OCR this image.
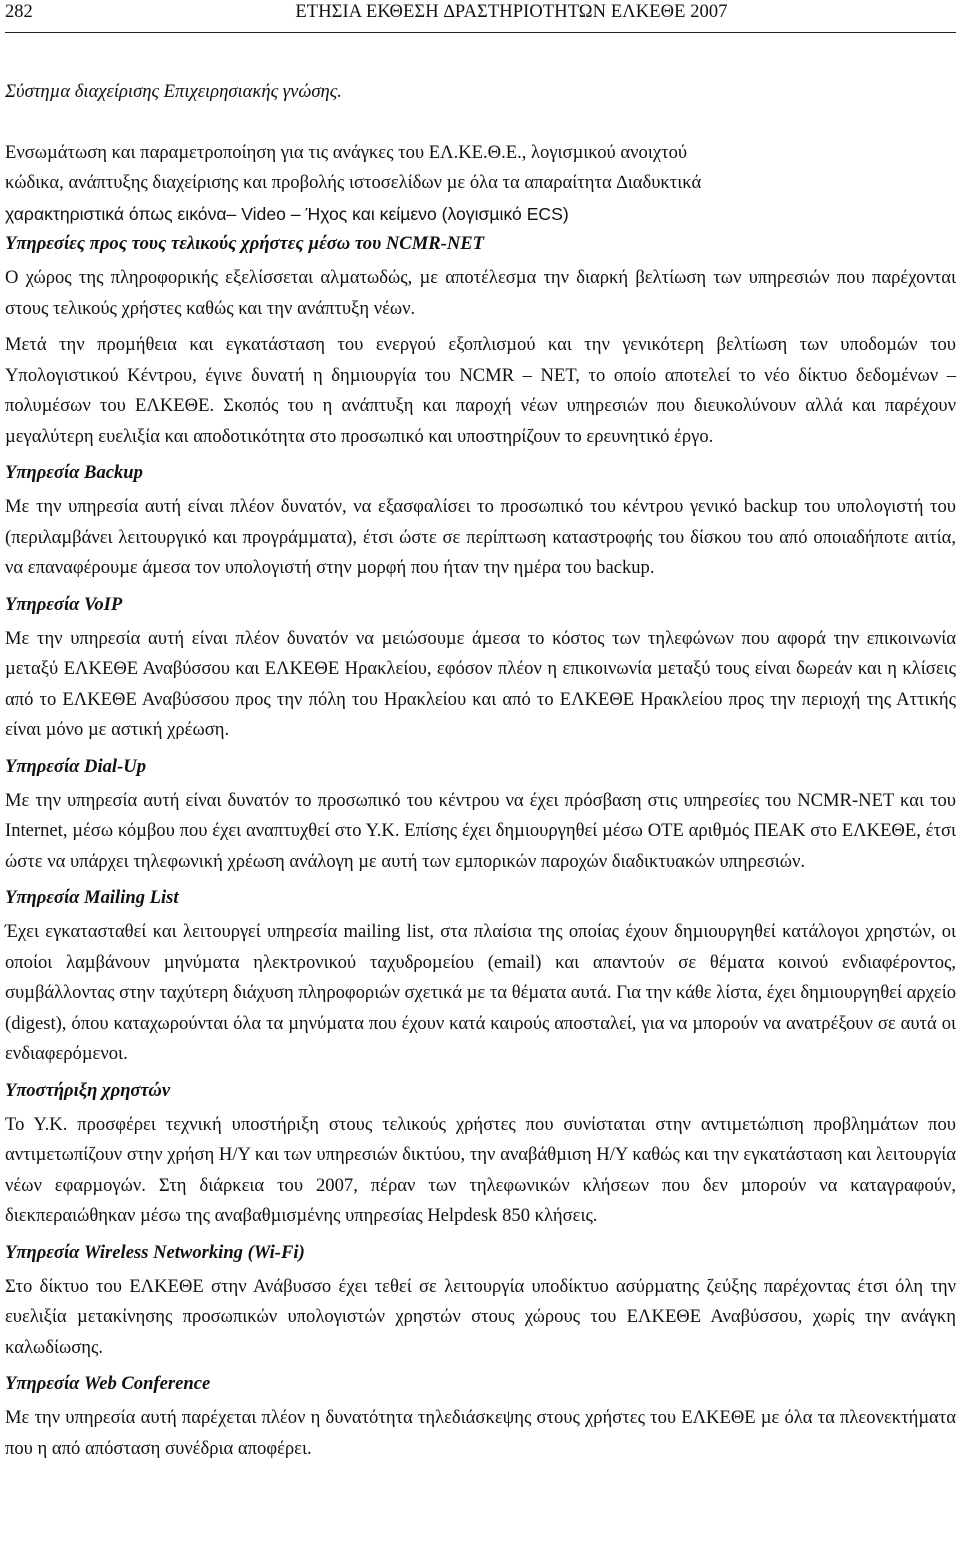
282	ΕΤΗΣΙΑ ΕΚΘΕΣΗ ∆ΡΑΣΤΗΡΙΟΤΗΤΩΝ ΕΛΚΕΘΕ 2007

Σύστηµα διαχείρισης Επιχειρησιακής γνώσης.

Ενσωµάτωση και παραµετροποίηση για τις ανάγκες του ΕΛ.ΚΕ.Θ.Ε., λογισµικού ανοιχτού

κώδικα, ανάπτυξης διαχείρισης και προβολής ιστοσελίδων µε όλα τα απαραίτητα ∆ιαδυκτικά

χαρακτηριστικά όπως εικόνα– Video – Ήχος και κείµενο (λογισµικό ECS)

Υπηρεσίες προς τους τελικούς χρήστες µέσω του NCMR-NET

Ο χώρος της πληροφορικής εξελίσσεται αλµατωδώς, µε αποτέλεσµα την διαρκή βελτίωση των υπηρεσιών που παρέχονται στους τελικούς χρήστες καθώς και την ανάπτυξη νέων.

Μετά την προµήθεια και εγκατάσταση του ενεργού εξοπλισµού και την γενικότερη βελτίωση των υποδοµών του Υπολογιστικού Κέντρου, έγινε δυνατή η δηµιουργία του NCMR – NET, το οποίο αποτελεί το νέο δίκτυο δεδοµένων – πολυµέσων του ΕΛΚΕΘΕ. Σκοπός του η ανάπτυξη και παροχή νέων υπηρεσιών που διευκολύνουν αλλά και παρέχουν µεγαλύτερη ευελιξία και αποδοτικότητα στο προσωπικό και υποστηρίζουν το ερευνητικό έργο.

Υπηρεσία Backup

Με την υπηρεσία αυτή είναι πλέον δυνατόν, να εξασφαλίσει το προσωπικό του κέντρου γενικό backup του υπολογιστή του (περιλαµβάνει λειτουργικό και προγράµµατα), έτσι ώστε σε περίπτωση καταστροφής του δίσκου του από οποιαδήποτε αιτία, να επαναφέρουµε άµεσα τον υπολογιστή στην µορφή που ήταν την ηµέρα του backup.

Υπηρεσία VoIP

Με την υπηρεσία αυτή είναι πλέον δυνατόν να µειώσουµε άµεσα το κόστος των τηλεφώνων που αφορά την επικοινωνία µεταξύ ΕΛΚΕΘΕ Αναβύσσου και ΕΛΚΕΘΕ Ηρακλείου, εφόσον πλέον η επικοινωνία µεταξύ τους είναι δωρεάν και η κλίσεις από το ΕΛΚΕΘΕ Αναβύσσου προς την πόλη του Ηρακλείου και από το ΕΛΚΕΘΕ Ηρακλείου προς την περιοχή της Αττικής είναι µόνο µε αστική χρέωση.

Υπηρεσία Dial-Up

Με την υπηρεσία αυτή είναι δυνατόν το προσωπικό του κέντρου να έχει πρόσβαση στις υπηρεσίες του NCMR-NET και του Internet, µέσω κόµβου που έχει αναπτυχθεί στο Υ.Κ. Επίσης έχει δηµιουργηθεί µέσω ΟΤΕ αριθµός ΠΕΑΚ στο ΕΛΚΕΘΕ, έτσι ώστε να υπάρχει τηλεφωνική χρέωση ανάλογη µε αυτή των εµπορικών παροχών διαδικτυακών υπηρεσιών.

Υπηρεσία Mailing List

Έχει εγκατασταθεί και λειτουργεί υπηρεσία mailing list, στα πλαίσια της οποίας έχουν δηµιουργηθεί κατάλογοι χρηστών, οι οποίοι λαµβάνουν µηνύµατα ηλεκτρονικού ταχυδροµείου (email) και απαντούν σε θέµατα κοινού ενδιαφέροντος, συµβάλλοντας στην ταχύτερη διάχυση πληροφοριών σχετικά µε τα θέµατα αυτά. Για την κάθε λίστα, έχει δηµιουργηθεί αρχείο (digest), όπου καταχωρούνται όλα τα µηνύµατα που έχουν κατά καιρούς αποσταλεί, για να µπορούν να ανατρέξουν σε αυτά οι ενδιαφερόµενοι.

Υποστήριξη χρηστών

Το Υ.Κ. προσφέρει τεχνική υποστήριξη στους τελικούς χρήστες που συνίσταται στην αντιµετώπιση προβληµάτων που αντιµετωπίζουν στην χρήση Η/Υ και των υπηρεσιών δικτύου, την αναβάθµιση Η/Υ καθώς και την εγκατάσταση και λειτουργία νέων εφαρµογών. Στη διάρκεια του 2007, πέραν των τηλεφωνικών κλήσεων που δεν µπορούν να καταγραφούν, διεκπεραιώθηκαν µέσω της αναβαθµισµένης υπηρεσίας Helpdesk 850 κλήσεις.

Υπηρεσία Wireless Networking (Wi-Fi)

Στο δίκτυο του ΕΛΚΕΘΕ στην Ανάβυσσο έχει τεθεί σε λειτουργία υποδίκτυο ασύρµατης ζεύξης παρέχοντας έτσι όλη την ευελιξία µετακίνησης προσωπικών υπολογιστών χρηστών στους χώρους του ΕΛΚΕΘΕ Αναβύσσου, χωρίς την ανάγκη καλωδίωσης.

Υπηρεσία Web Conference

Με την υπηρεσία αυτή παρέχεται πλέον η δυνατότητα τηλεδιάσκεψης στους χρήστες του ΕΛΚΕΘΕ µε όλα τα πλεονεκτήµατα που η από απόσταση συνέδρια αποφέρει.
